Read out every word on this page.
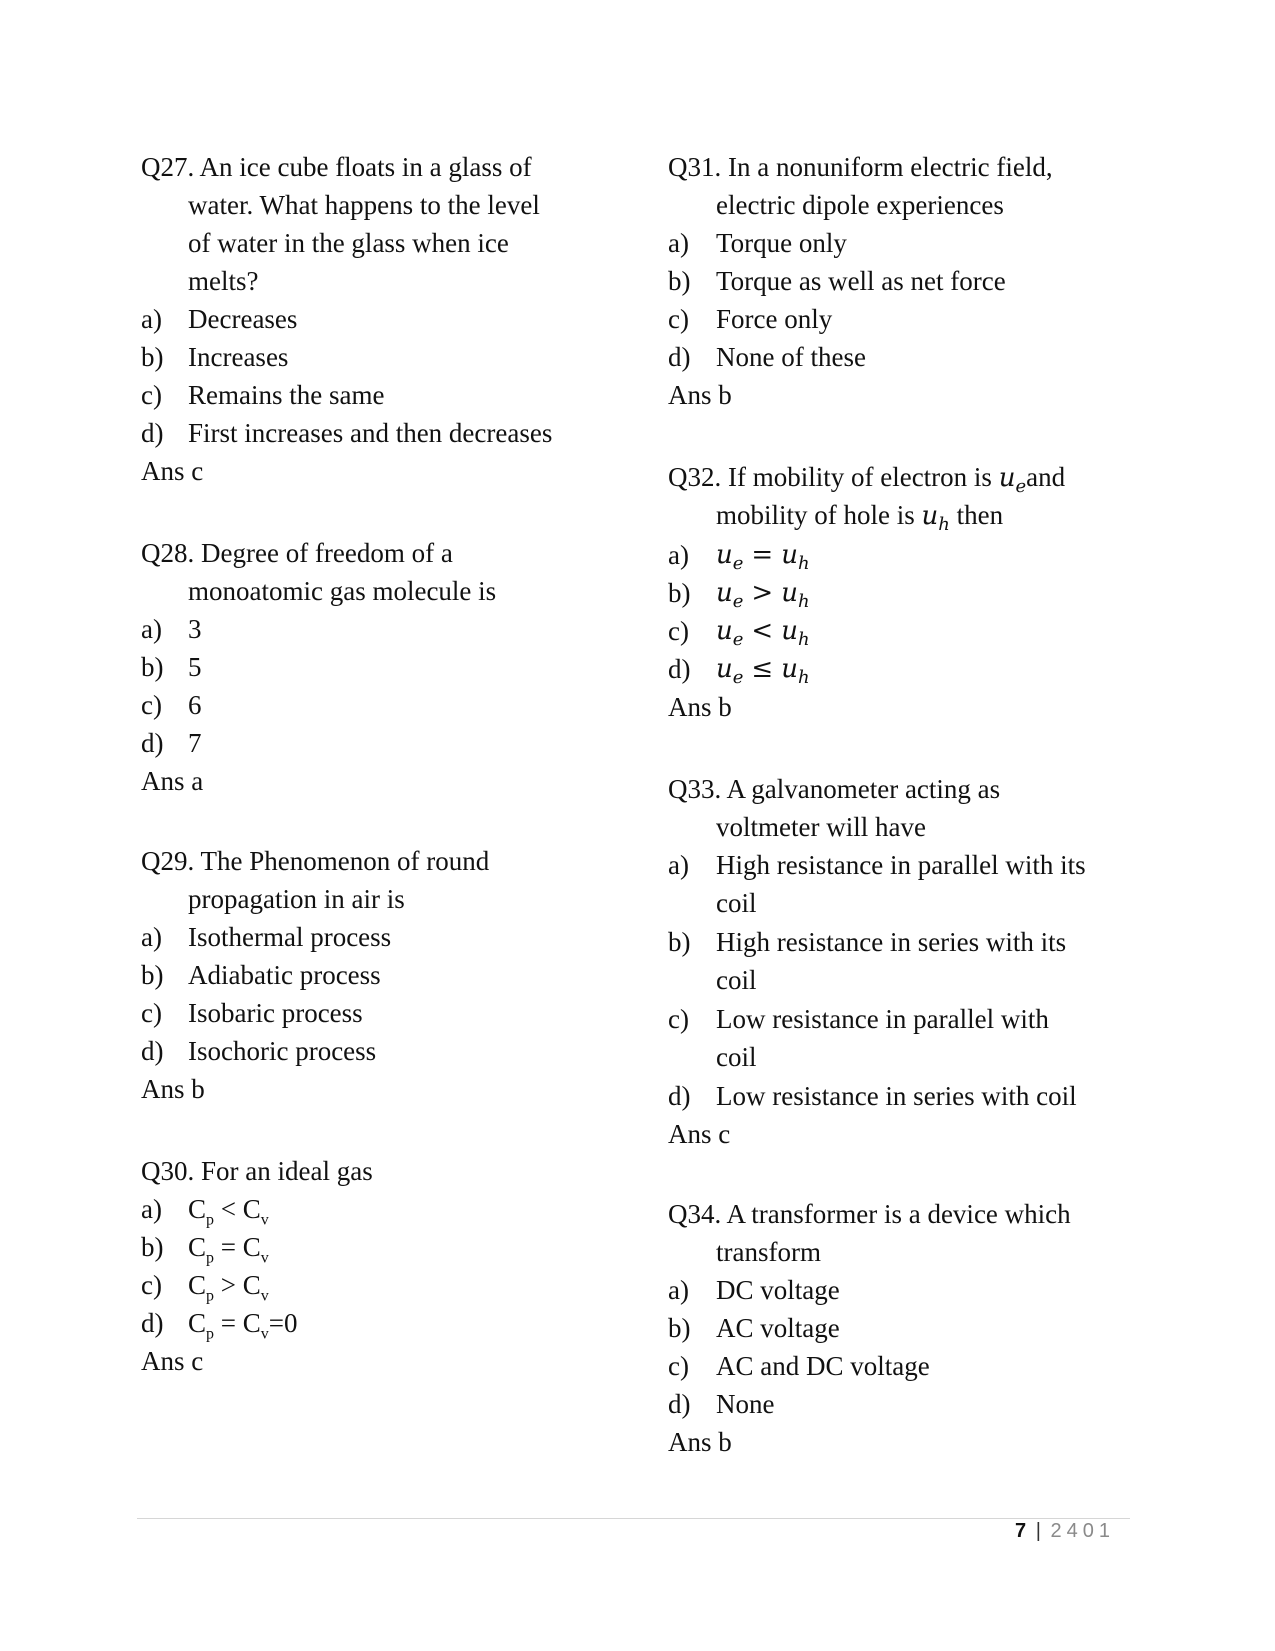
Q27. An ice cube floats in a glass of
water. What happens to the level
of water in the glass when ice
melts?
a) Decreases
b) Increases
c) Remains the same
d) First increases and then decreases
Ans c
Q28. Degree of freedom of a
monoatomic gas molecule is
a) 3
b) 5
c) 6
d) 7
Ans a
Q29. The Phenomenon of round
propagation in air is
a) Isothermal process
b) Adiabatic process
c) Isobaric process
d) Isochoric process
Ans b
Q30. For an ideal gas
a) $C_p < C_v$
b) $C_p = C_v$
c) $C_p > C_v$
d) $C_p = C_v=0$
Ans c
Q31. In a nonuniform electric field,
electric dipole experiences
a) Torque only
b) Torque as well as net force
c) Force only
d) None of these
Ans b
Q32. If mobility of electron is $u_eand$
mobility of hole is $u_h$ then
a) $u_e = u_h$
b) $u_e > u_h$
c) $u_e < u_h$
d) $u_e \le u_h$
Ans b
Q33. A galvanometer acting as
voltmeter will have
a) High resistance in parallel with its
coil
b) High resistance in series with its
coil
c) Low resistance in parallel with
coil
d) Low resistance in series with coil
Ans c
Q34. A transformer is a device which
transform
a) DC voltage
b) AC voltage
c) AC and DC voltage
d) None
Ans b
7 | 2401
